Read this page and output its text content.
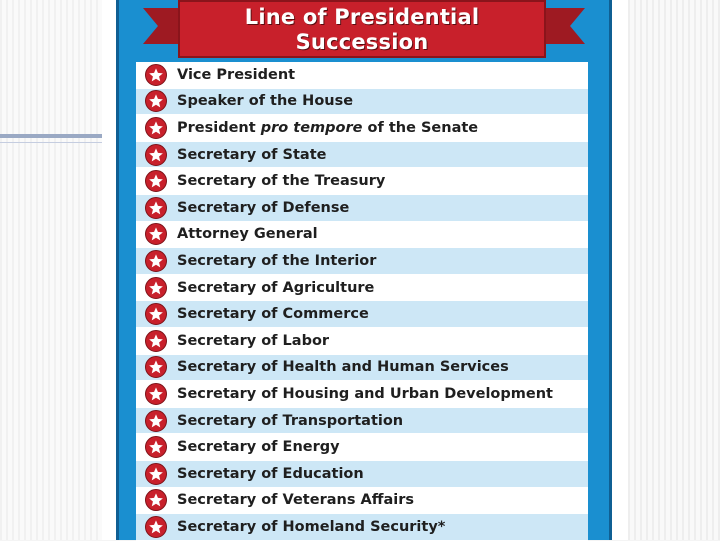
Line of Presidential
Succession
Vice President
Speaker of the House
President pro tempore of the Senate
Secretary of State
Secretary of the Treasury
Secretary of Defense
Attorney General
Secretary of the Interior
Secretary of Agriculture
Secretary of Commerce
Secretary of Labor
Secretary of Health and Human Services
Secretary of Housing and Urban Development
Secretary of Transportation
Secretary of Energy
Secretary of Education
Secretary of Veterans Affairs
Secretary of Homeland Security*
